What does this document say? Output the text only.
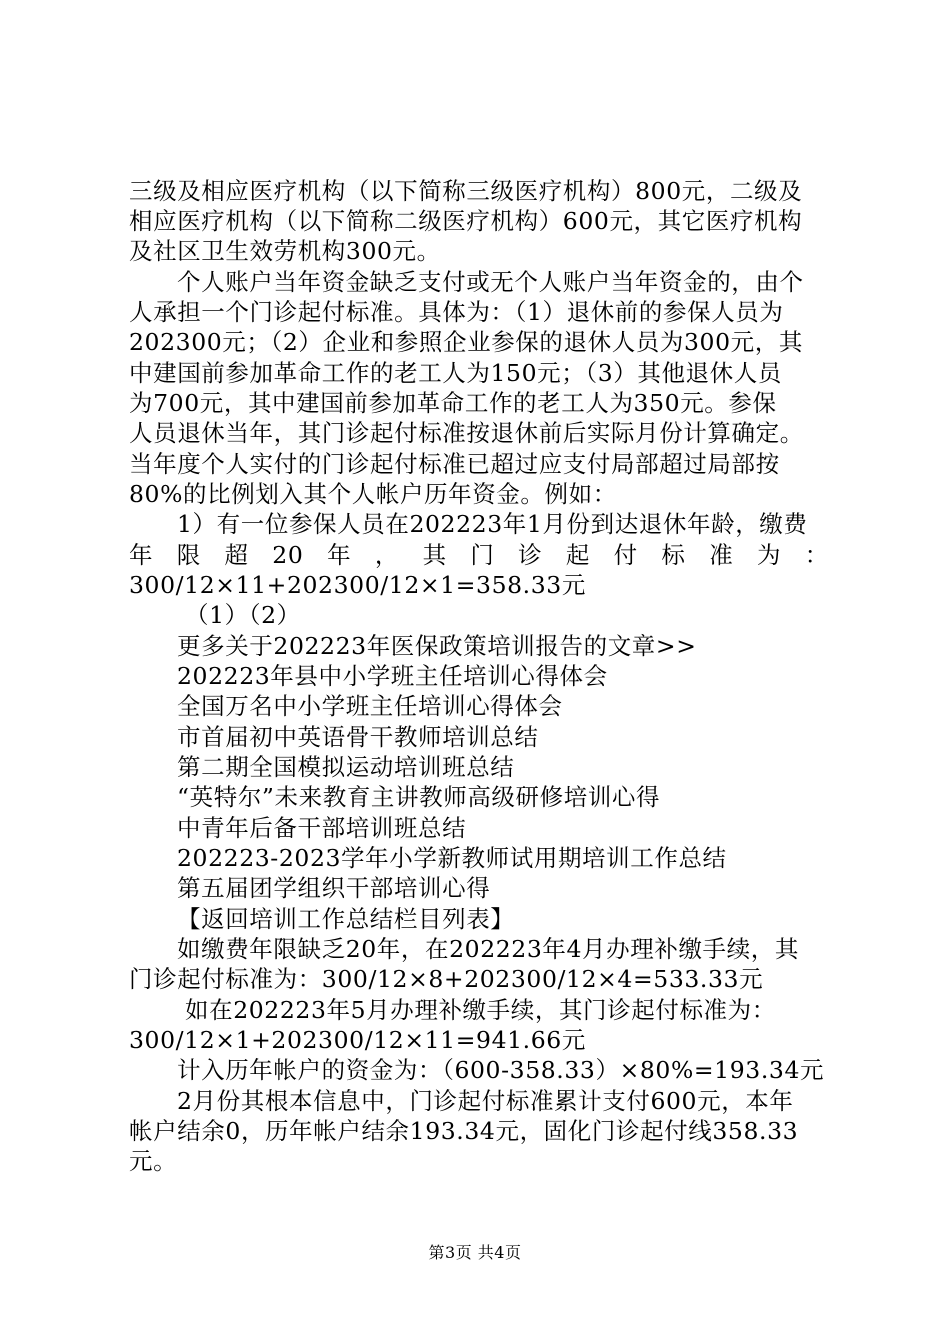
三级及相应医疗机构（以下简称三级医疗机构）800元，二级及
相应医疗机构（以下简称二级医疗机构）600元，其它医疗机构
及社区卫生效劳机构300元。
个人账户当年资金缺乏支付或无个人账户当年资金的，由个
人承担一个门诊起付标准。具体为：（1）退休前的参保人员为
202300元；（2）企业和参照企业参保的退休人员为300元，其
中建国前参加革命工作的老工人为150元；（3）其他退休人员
为700元，其中建国前参加革命工作的老工人为350元。参保
人员退休当年，其门诊起付标准按退休前后实际月份计算确定。
当年度个人实付的门诊起付标准已超过应支付局部超过局部按
80%的比例划入其个人帐户历年资金。例如：
1）有一位参保人员在202223年1月份到达退休年龄，缴费
年 限 超 20 年 ， 其 门 诊 起 付 标 准 为 ：
300/12×11+202300/12×1=358.33元
（1）（2）
更多关于202223年医保政策培训报告的文章>>
202223年县中小学班主任培训心得体会
全国万名中小学班主任培训心得体会
市首届初中英语骨干教师培训总结
第二期全国模拟运动培训班总结
“英特尔”未来教育主讲教师高级研修培训心得
中青年后备干部培训班总结
202223-2023学年小学新教师试用期培训工作总结
第五届团学组织干部培训心得
【返回培训工作总结栏目列表】
如缴费年限缺乏20年，在202223年4月办理补缴手续，其
门诊起付标准为：300/12×8+202300/12×4=533.33元
如在202223年5月办理补缴手续，其门诊起付标准为：
300/12×1+202300/12×11=941.66元
计入历年帐户的资金为：（600-358.33）×80%=193.34元
2月份其根本信息中，门诊起付标准累计支付600元，本年
帐户结余0，历年帐户结余193.34元，固化门诊起付线358.33
元。
第3页 共4页
